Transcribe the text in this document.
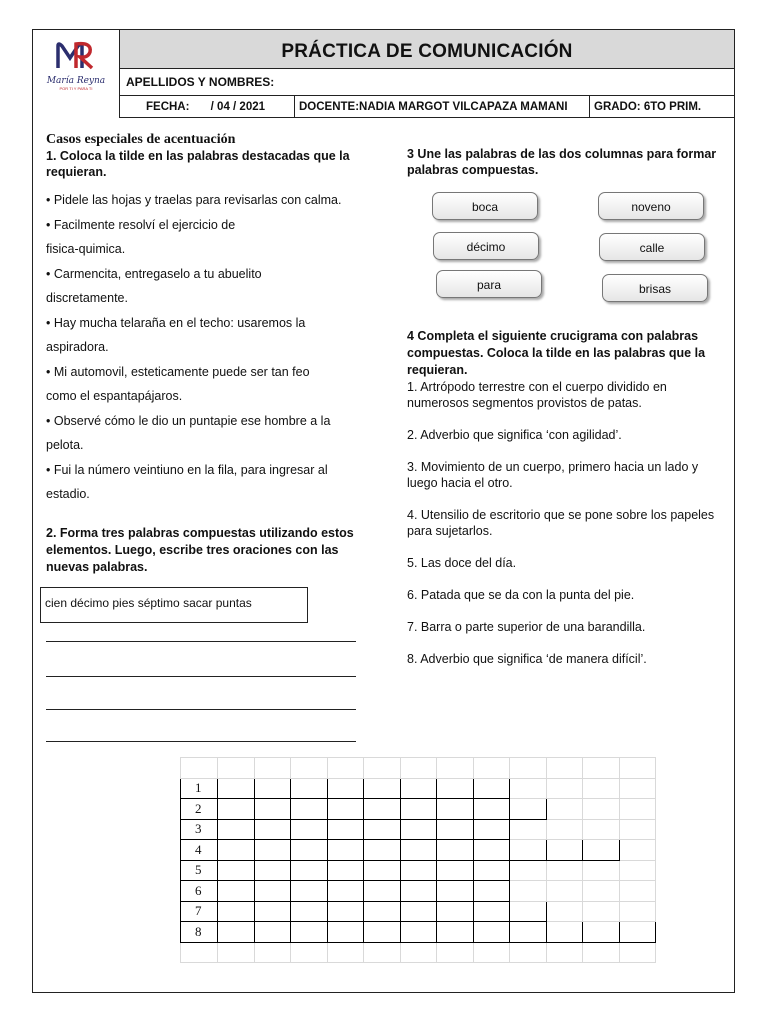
María Reyna
POR TI Y PARA TI
PRÁCTICA DE COMUNICACIÓN
APELLIDOS Y NOMBRES:
FECHA: / 04 / 2021	DOCENTE:NADIA MARGOT VILCAPAZA MAMANI	GRADO: 6TO PRIM.
Casos especiales de acentuación

1. Coloca la tilde en las palabras destacadas que la requieran.

• Pidele las hojas y traelas para revisarlas con calma.

• Facilmente resolví el ejercicio de

fisica-quimica.

• Carmencita, entregaselo a tu abuelito

discretamente.

• Hay mucha telaraña en el techo: usaremos la

aspiradora.

• Mi automovil, esteticamente puede ser tan feo

como el espantapájaros.

• Observé cómo le dio un puntapie ese hombre a la

pelota.

• Fui la número veintiuno en la fila, para ingresar al

estadio.

2. Forma tres palabras compuestas utilizando estos elementos. Luego, escribe tres oraciones con las nuevas palabras.

cien décimo pies séptimo sacar puntas

3 Une las palabras de las dos columnas para formar palabras compuestas.

boca
décimo
para
noveno
calle
brisas

4 Completa el siguiente crucigrama con palabras compuestas. Coloca la tilde en las palabras que la requieran.

1. Artrópodo terrestre con el cuerpo dividido en numerosos segmentos provistos de patas.

2. Adverbio que significa ‘con agilidad’.

3. Movimiento de un cuerpo, primero hacia un lado y luego hacia el otro.

4. Utensilio de escritorio que se pone sobre los papeles para sujetarlos.

5. Las doce del día.

6. Patada que se da con la punta del pie.

7. Barra o parte superior de una barandilla.

8. Adverbio que significa ‘de manera difícil’.

1												
2												
3												
4												
5												
6												
7												
8												
